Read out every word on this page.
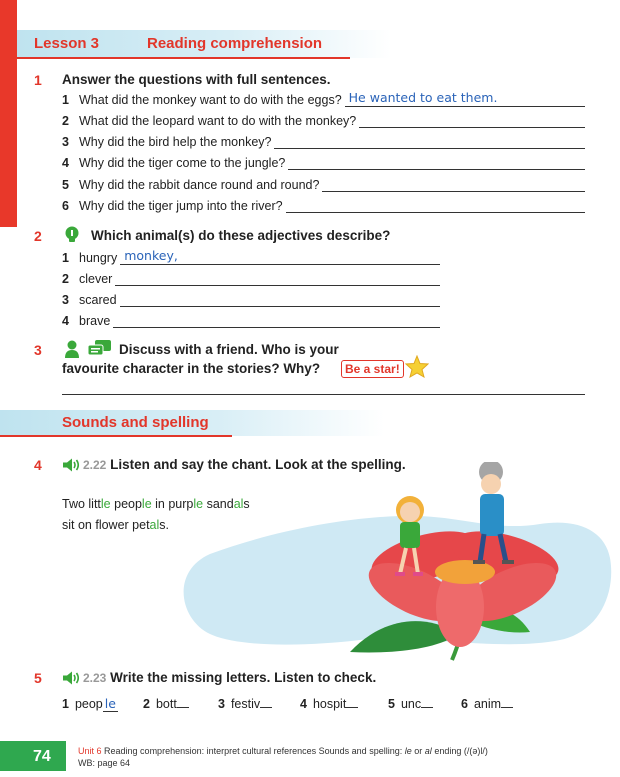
Lesson 3	Reading comprehension
1 Answer the questions with full sentences.
1 What did the monkey want to do with the eggs? He wanted to eat them.
2 What did the leopard want to do with the monkey?
3 Why did the bird help the monkey?
4 Why did the tiger come to the jungle?
5 Why did the rabbit dance round and round?
6 Why did the tiger jump into the river?
2	Which animal(s) do these adjectives describe?
1 hungry monkey,
2 clever
3 scared
4 brave
3	Discuss with a friend. Who is your
favourite character in the stories? Why?	Be a star!
Sounds and spelling
4	2.22 Listen and say the chant. Look at the spelling.
Two little people in purple sandals
sit on flower petals.
5	2.23 Write the missing letters. Listen to check.
1 peop le 2 bott	3 festiv	4 hospit	5 unc	6 anim
74	Unit 6 Reading comprehension: interpret cultural references Sounds and spelling: le or al ending (/(ə)l/)
WB: page 64
